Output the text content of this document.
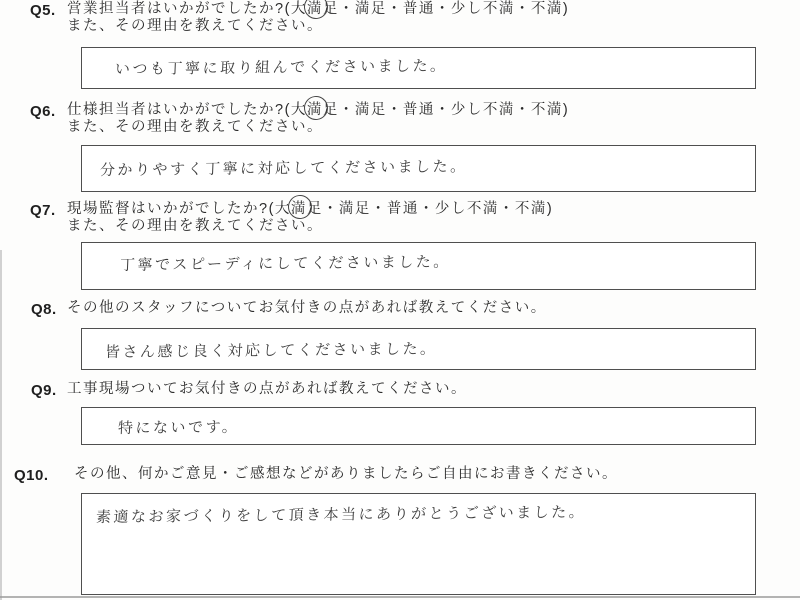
Q5. 営業担当者はいかがでしたか?(大満足・満足・普通・少し不満・不満)
また、その理由を教えてください。
いつも丁寧に取り組んでくださいました。
Q6. 仕様担当者はいかがでしたか?(大満足・満足・普通・少し不満・不満)
また、その理由を教えてください。
分かりやすく丁寧に対応してくださいました。
Q7. 現場監督はいかがでしたか?(大満足・満足・普通・少し不満・不満)
また、その理由を教えてください。
丁寧でスピーディにしてくださいました。
Q8. その他のスタッフについてお気付きの点があれば教えてください。
皆さん感じ良く対応してくださいました。
Q9. 工事現場ついてお気付きの点があれば教えてください。
特にないです。
Q10. その他、何かご意見・ご感想などがありましたらご自由にお書きください。
素適なお家づくりをして頂き本当にありがとうございました。
